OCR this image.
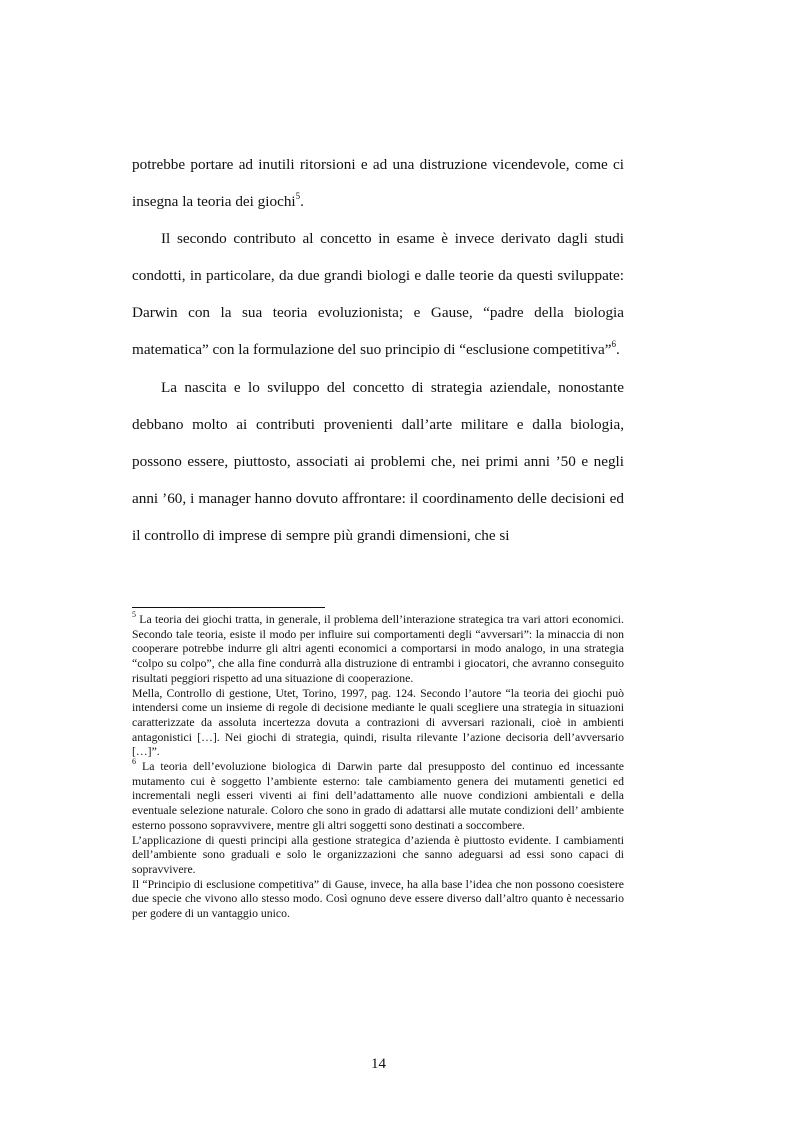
potrebbe portare ad inutili ritorsioni e ad una distruzione vicendevole, come ci insegna la teoria dei giochi$^5$.

Il secondo contributo al concetto in esame è invece derivato dagli studi condotti, in particolare, da due grandi biologi e dalle teorie da questi sviluppate: Darwin con la sua teoria evoluzionista; e Gause, “padre della biologia matematica” con la formulazione del suo principio di “esclusione competitiva”$^6$.

La nascita e lo sviluppo del concetto di strategia aziendale, nonostante debbano molto ai contributi provenienti dall’arte militare e dalla biologia, possono essere, piuttosto, associati ai problemi che, nei primi anni ’50 e negli anni ’60, i manager hanno dovuto affrontare: il coordinamento delle decisioni ed il controllo di imprese di sempre più grandi dimensioni, che si

$^5$ La teoria dei giochi tratta, in generale, il problema dell’interazione strategica tra vari attori economici. Secondo tale teoria, esiste il modo per influire sui comportamenti degli “avversari”: la minaccia di non cooperare potrebbe indurre gli altri agenti economici a comportarsi in modo analogo, in una strategia “colpo su colpo”, che alla fine condurrà alla distruzione di entrambi i giocatori, che avranno conseguito risultati peggiori rispetto ad una situazione di cooperazione.

Mella, Controllo di gestione, Utet, Torino, 1997, pag. 124. Secondo l’autore “la teoria dei giochi può intendersi come un insieme di regole di decisione mediante le quali scegliere una strategia in situazioni caratterizzate da assoluta incertezza dovuta a contrazioni di avversari razionali, cioè in ambienti antagonistici […]. Nei giochi di strategia, quindi, risulta rilevante l’azione decisoria dell’avversario […]”.

$^6$ La teoria dell’evoluzione biologica di Darwin parte dal presupposto del continuo ed incessante mutamento cui è soggetto l’ambiente esterno: tale cambiamento genera dei mutamenti genetici ed incrementali negli esseri viventi ai fini dell’adattamento alle nuove condizioni ambientali e della eventuale selezione naturale. Coloro che sono in grado di adattarsi alle mutate condizioni dell’ ambiente esterno possono sopravvivere, mentre gli altri soggetti sono destinati a soccombere.

L’applicazione di questi principi alla gestione strategica d’azienda è piuttosto evidente. I cambiamenti dell’ambiente sono graduali e solo le organizzazioni che sanno adeguarsi ad essi sono capaci di sopravvivere.

Il “Principio di esclusione competitiva” di Gause, invece, ha alla base l’idea che non possono coesistere due specie che vivono allo stesso modo. Così ognuno deve essere diverso dall’altro quanto è necessario per godere di un vantaggio unico.

14
